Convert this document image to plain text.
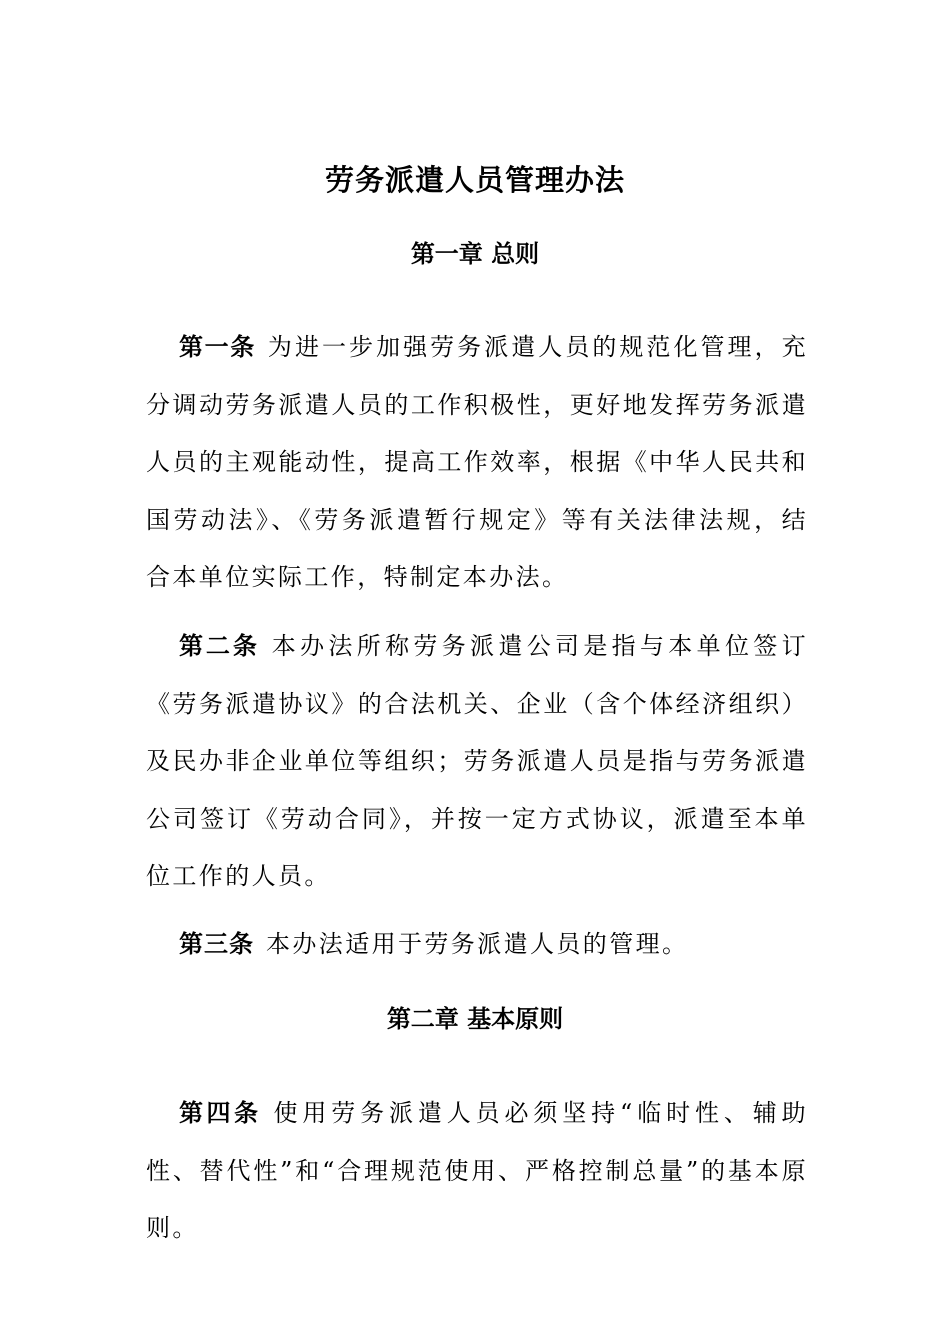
劳务派遣人员管理办法
第一章 总则

第一条 为进一步加强劳务派遣人员的规范化管理，充分调动劳务派遣人员的工作积极性，更好地发挥劳务派遣人员的主观能动性，提高工作效率，根据《中华人民共和国劳动法》、《劳务派遣暂行规定》等有关法律法规，结合本单位实际工作，特制定本办法。

第二条 本办法所称劳务派遣公司是指与本单位签订《劳务派遣协议》的合法机关、企业（含个体经济组织）及民办非企业单位等组织；劳务派遣人员是指与劳务派遣公司签订《劳动合同》，并按一定方式协议，派遣至本单位工作的人员。

第三条 本办法适用于劳务派遣人员的管理。

第二章 基本原则

第四条 使用劳务派遣人员必须坚持“临时性、辅助性、替代性”和“合理规范使用、严格控制总量”的基本原则。
